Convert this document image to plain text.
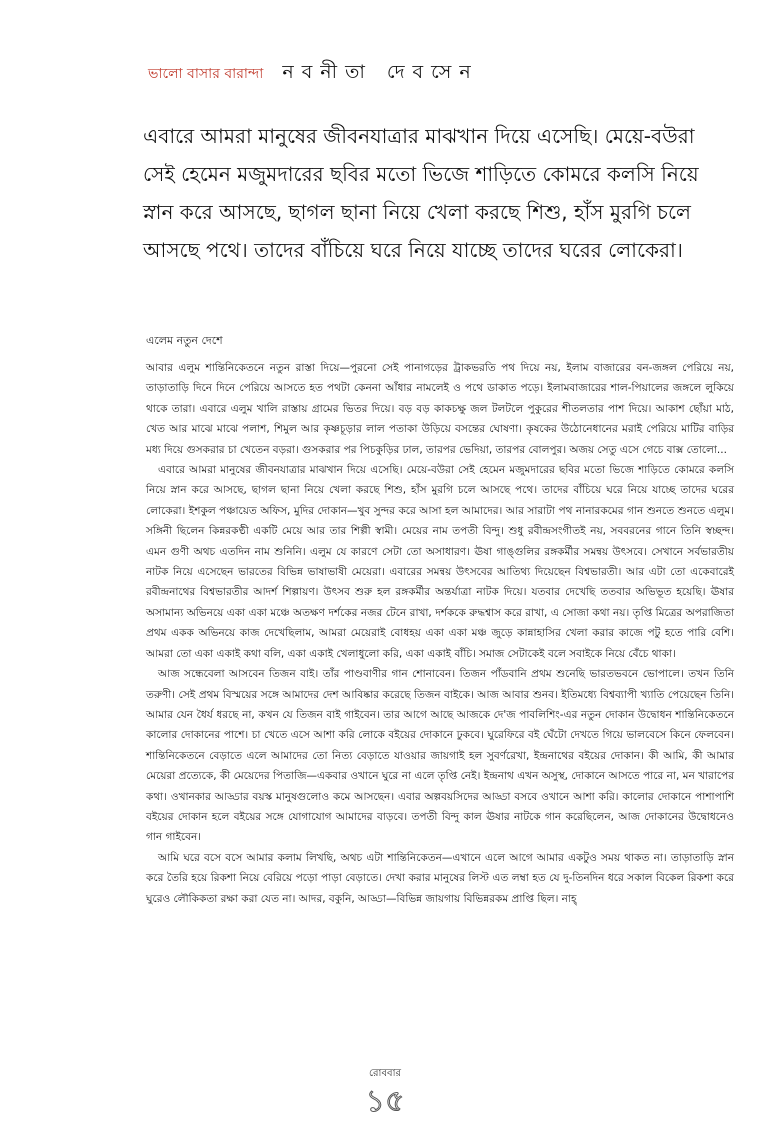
ভালো বাসার বারান্দা নবনীতা দেবসেন
এবারে আমরা মানুষের জীবনযাত্রার মাঝখান দিয়ে এসেছি। মেয়ে-বউরা সেই হেমেন মজুমদারের ছবির মতো ভিজে শাড়িতে কোমরে কলসি নিয়ে স্নান করে আসছে, ছাগল ছানা নিয়ে খেলা করছে শিশু, হাঁস মুরগি চলে আসছে পথে। তাদের বাঁচিয়ে ঘরে নিয়ে যাচ্ছে তাদের ঘরের লোকেরা।
এলেম নতুন দেশে

আবার এলুম শান্তিনিকেতনে নতুন রাস্তা দিয়ে—পুরনো সেই পানাগড়ের ট্রাকভরতি পথ দিয়ে নয়, ইলাম বাজারের বন-জঙ্গল পেরিয়ে নয়, তাড়াতাড়ি দিনে দিনে পেরিয়ে আসতে হত পথটা কেননা আঁধার নামলেই ও পথে ডাকাত পড়ে। ইলামবাজারের শাল-পিয়ালের জঙ্গলে লুকিয়ে থাকে তারা। এবারে এলুম খালি রাস্তায় গ্রামের ভিতর দিয়ে। বড় বড় কাকচক্ষু জল টলটলে পুকুরের শীতলতার পাশ দিয়ে। আকাশ ছোঁয়া মাঠ, খেত আর মাঝে মাঝে পলাশ, শিমুল আর কৃষ্ণচূড়ার লাল পতাকা উড়িয়ে বসন্তের ঘোষণা। কৃষকের উঠোনেধানের মরাই পেরিয়ে মাটির বাড়ির মধ্য দিয়ে গুসকরার চা খেতেন বড়রা। গুসকরার পর পিচকুড়ির ঢাল, তারপর ভেদিয়া, তারপর বোলপুর। অজয় সেতু এসে গেচে বাক্স তোলো...

এবারে আমরা মানুষের জীবনযাত্রার মাঝখান দিয়ে এসেছি। মেয়ে-বউরা সেই হেমেন মজুমদারের ছবির মতো ভিজে শাড়িতে কোমরে কলসি নিয়ে স্নান করে আসছে, ছাগল ছানা নিয়ে খেলা করছে শিশু, হাঁস মুরগি চলে আসছে পথে। তাদের বাঁচিয়ে ঘরে নিয়ে যাচ্ছে তাদের ঘরের লোকেরা। ইশকুল পঞ্চায়েত অফিস, মুদির দোকান—খুব সুন্দর করে আসা হল আমাদের। আর সারাটা পথ নানারকমের গান শুনতে শুনতে এলুম। সঙ্গিনী ছিলেন কিন্নরকণ্ঠী একটি মেয়ে আর তার শিল্পী স্বামী। মেয়ের নাম তপতী বিন্দু। শুধু রবীন্দ্রসংগীতই নয়, সববরনের গানে তিনি স্বচ্ছন্দ। এমন গুণী অথচ এতদিন নাম শুনিনি। এলুম যে কারণে সেটা তো অসাধারণ। ঊষা গাঙ্গুলির রঙ্গকর্মীর সমন্বয় উৎসবে। সেখানে সর্বভারতীয় নাটক নিয়ে এসেছেন ভারতের বিভিন্ন ভাষাভাষী মেয়েরা। এবারের সমন্বয় উৎসবের আতিথ্য দিয়েছেন বিশ্বভারতী। আর এটা তো একেবারেই রবীন্দ্রনাথের বিশ্বভারতীর আদর্শ শিল্পায়ণ। উৎসব শুরু হল রঙ্গকর্মীর অন্তর্যাত্রা নাটক দিয়ে। যতবার দেখেছি ততবার অভিভূত হয়েছি। ঊষার অসামান্য অভিনয়ে একা একা মঞ্চে অতক্ষণ দর্শকের নজর টেনে রাখা, দর্শককে রুদ্ধশ্বাস করে রাখা, এ সোজা কথা নয়। তৃপ্তি মিত্রের অপরাজিতা প্রথম একক অভিনয়ে কাজ দেখেছিলাম, আমরা মেয়েরাই বোধহয় একা একা মঞ্চ জুড়ে কান্নাহাসির খেলা করার কাজে পটু হতে পারি বেশি। আমরা তো একা একাই কথা বলি, একা একাই খেলাধুলো করি, একা একাই বাঁচি। সমাজ সেটাকেই বলে সবাইকে নিয়ে বেঁচে থাকা।

আজ সন্ধেবেলা আসবেন তিজন বাই। তাঁর পাণ্ডবাণীর গান শোনাবেন। তিজন পাঁডবানি প্রথম শুনেছি ভারতভবনে ভোপালে। তখন তিনি তরুণী। সেই প্রথম বিস্ময়ের সঙ্গে আমাদের দেশ আবিষ্কার করেছে তিজন বাইকে। আজ আবার শুনব। ইতিমধ্যে বিশ্বব্যাপী খ্যাতি পেয়েছেন তিনি। আমার যেন ধৈর্য ধরছে না, কখন যে তিজন বাই গাইবেন। তার আগে আছে আজকে দে'জ পাবলিশিং-এর নতুন দোকান উদ্বোধন শান্তিনিকেতনে কালোর দোকানের পাশে। চা খেতে এসে আশা করি লোকে বইয়ের দোকানে ঢুকবে। ঘুরেফিরে বই ঘেঁটো দেখতে গিয়ে ভালবেসে কিনে ফেলবেন। শান্তিনিকেতনে বেড়াতে এলে আমাদের তো নিত্য বেড়াতে যাওয়ার জায়গাই হল সুবর্ণরেখা, ইন্দ্রনাথের বইয়ের দোকান। কী আমি, কী আমার মেয়েরা প্রত্যেকে, কী মেয়েদের পিতাজি—একবার ওখানে ঘুরে না এলে তৃপ্তি নেই। ইন্দ্রনাথ এখন অসুস্থ, দোকানে আসতে পারে না, মন খারাপের কথা। ওখানকার আড্ডার বয়স্ক মানুষগুলোও কমে আসছেন। এবার অল্পবয়সিদের আড্ডা বসবে ওখানে আশা করি। কালোর দোকানে পাশাপাশি বইয়ের দোকান হলে বইয়ের সঙ্গে যোগাযোগ আমাদের বাড়বে। তপতী বিন্দু কাল ঊষার নাটকে গান করেছিলেন, আজ দোকানের উদ্বোধনেও গান গাইবেন।

আমি ঘরে বসে বসে আমার কলাম লিখছি, অথচ এটা শান্তিনিকেতন—এখানে এলে আগে আমার একটুও সময় থাকত না। তাড়াতাড়ি স্নান করে তৈরি হয়ে রিকশা নিয়ে বেরিয়ে পড়ো পাড়া বেড়াতে। দেখা করার মানুষের লিস্ট এত লম্বা হত যে দু-তিনদিন ধরে সকাল বিকেল রিকশা করে ঘুরেও লৌকিকতা রক্ষা করা যেত না। আদর, বকুনি, আড্ডা—বিভিন্ন জায়গায় বিভিন্নরকম প্রাপ্তি ছিল। নাহ্

রোববার
১৫
